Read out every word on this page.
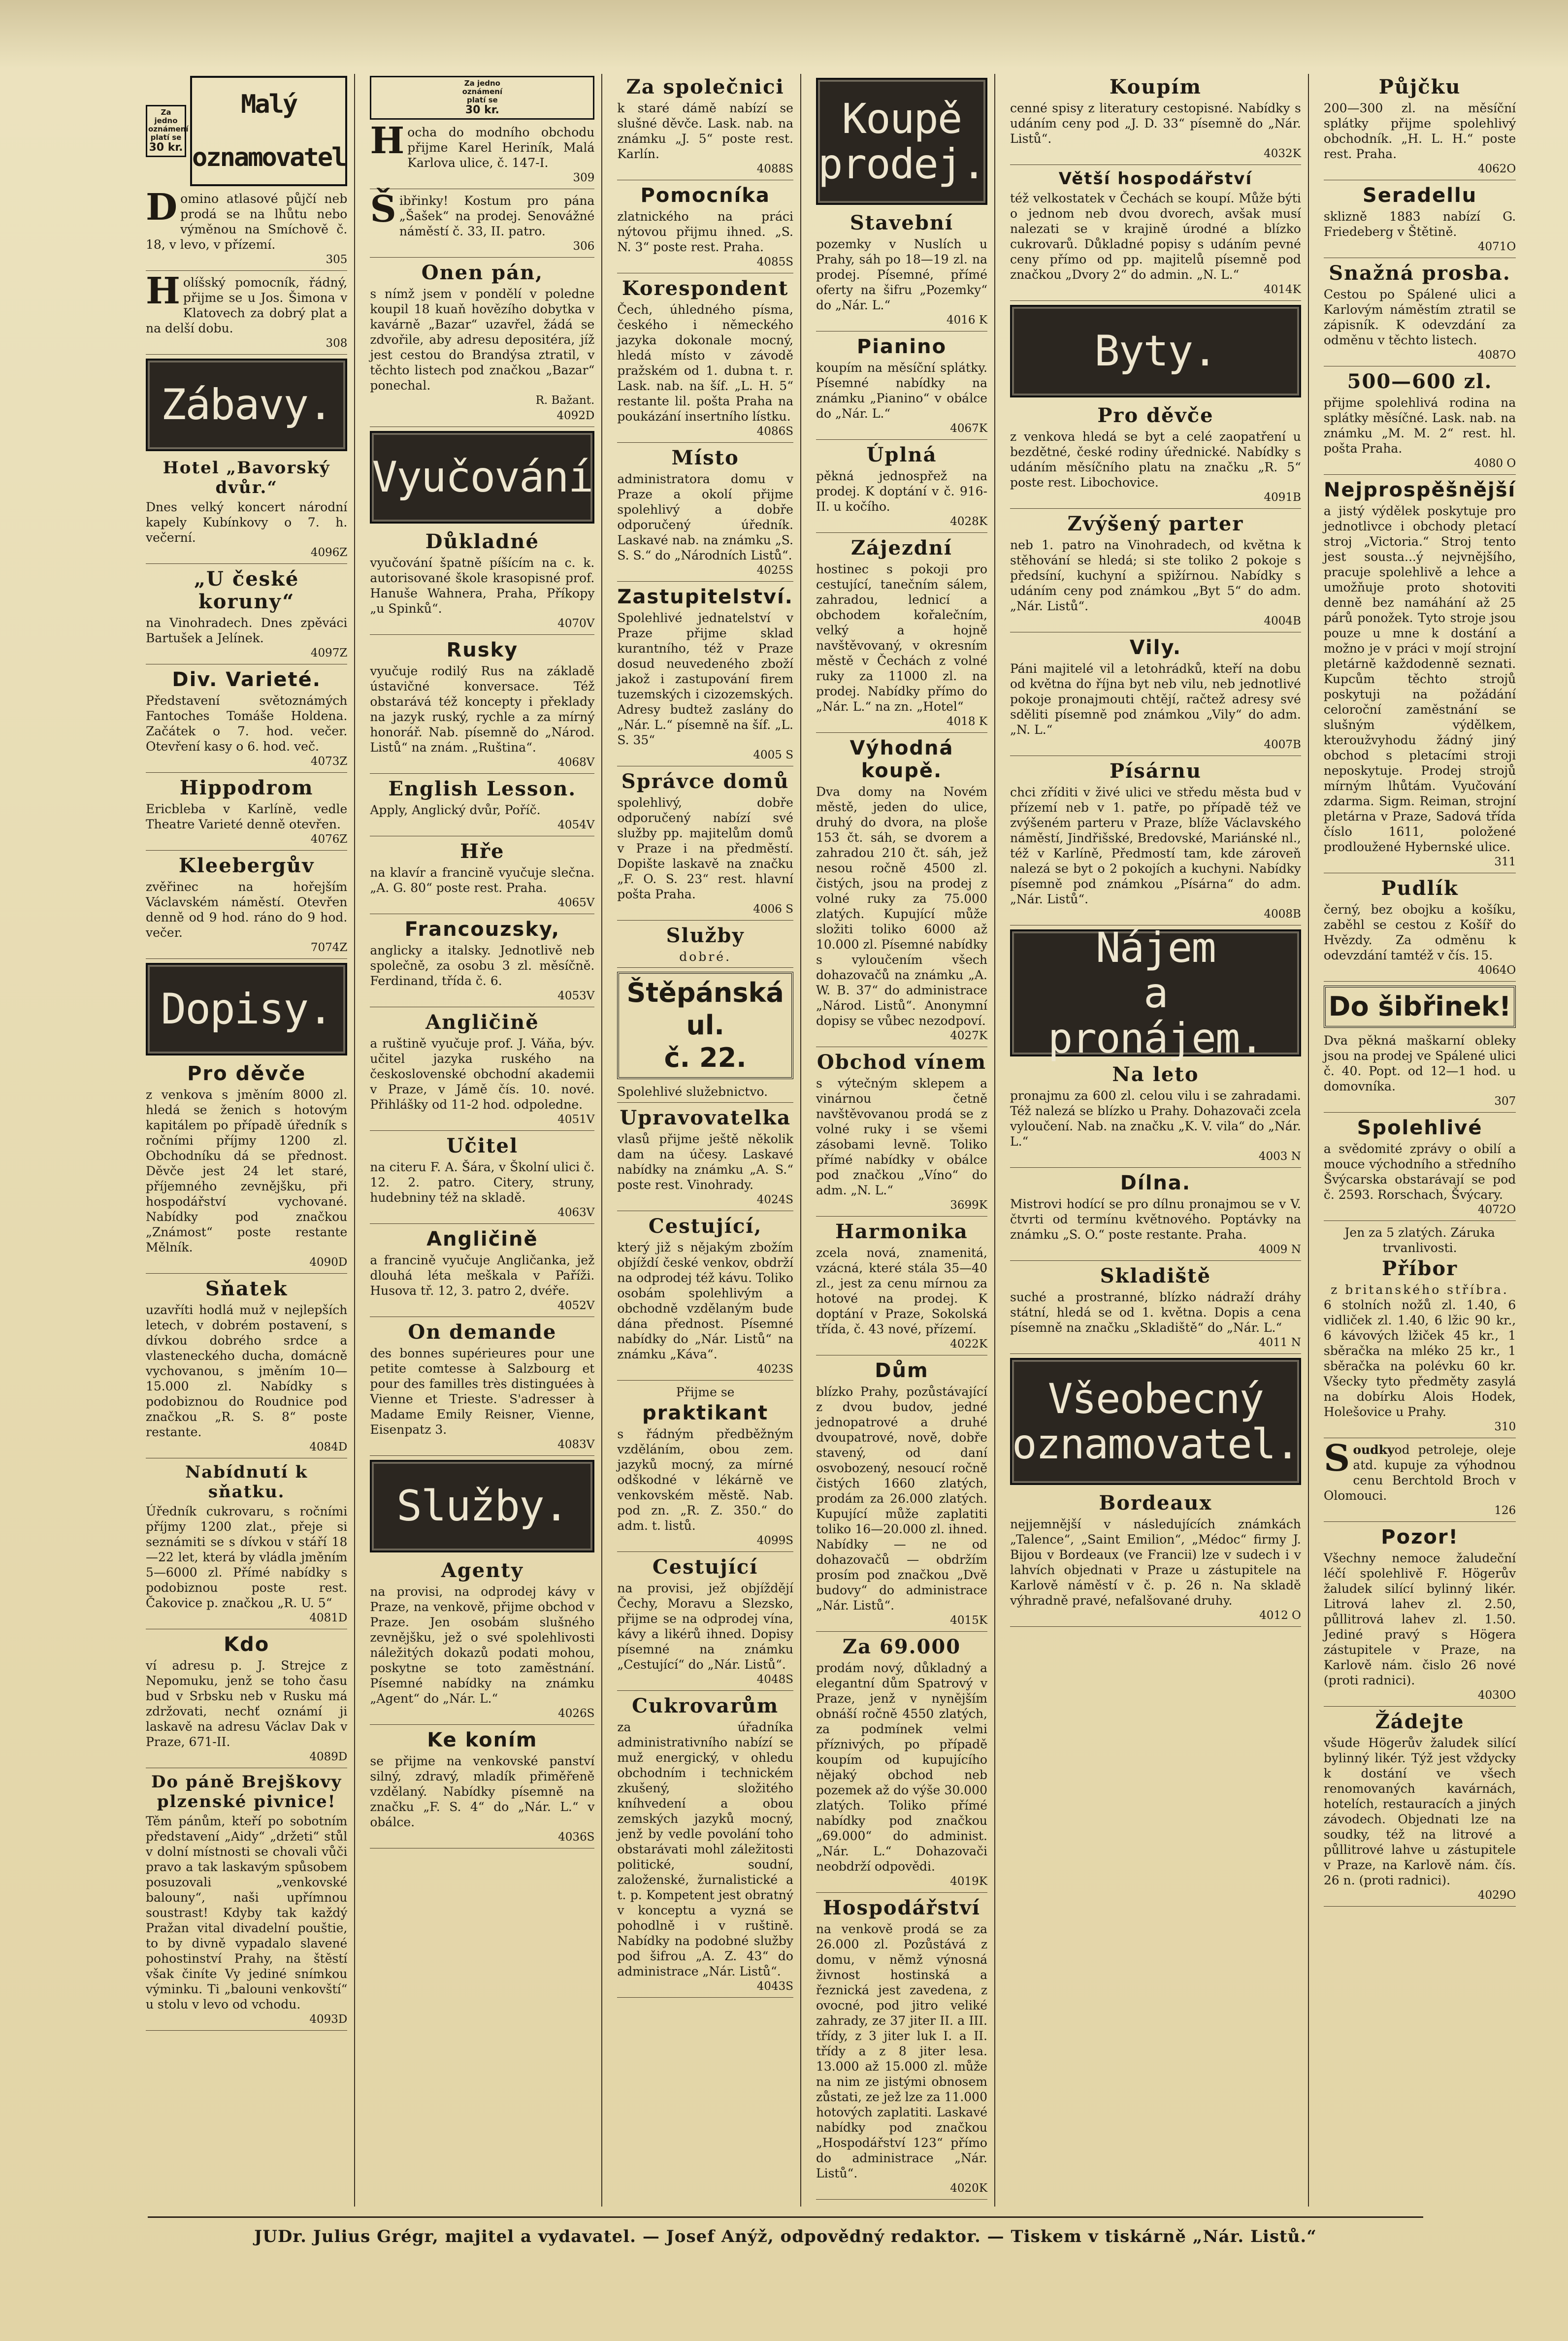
Za jedno
oznámení
platí se
30 kr.
Malý oznamovatel
Domino atlasové půjčí neb prodá se na lhůtu nebo výměnou na Smíchově č. 18, v levo, v přízemí.
305
Holíšský pomocník, řádný, přijme se u Jos. Šimona v Klatovech za dobrý plat a na delší dobu.
308
Zábavy.
Hotel „Bavorský dvůr.“
Dnes velký koncert národní kapely Kubínkovy o 7. h. večerní.
4096Z
„U české koruny“
na Vinohradech. Dnes zpěváci Bartušek a Jelínek.
4097Z
Div. Varieté.
Představení světoznámých Fantoches Tomáše Holdena. Začátek o 7. hod. večer. Otevření kasy o 6. hod. več.
4073Z
Hippodrom
Ericbleba v Karlíně, vedle Theatre Varieté denně otevřen.
4076Z
Kleebergův
zvěřinec na hořejším Václavském náměstí. Otevřen denně od 9 hod. ráno do 9 hod. večer.
7074Z
Dopisy.
Pro děvče
z venkova s jměním 8000 zl. hledá se ženich s hotovým kapitálem po případě úředník s ročními příjmy 1200 zl. Obchodníku dá se přednost. Děvče jest 24 let staré, příjemného zevnějšku, při hospodářství vychované. Nabídky pod značkou „Známost“ poste restante Mělník.
4090D
Sňatek
uzavříti hodlá muž v nejlepších letech, v dobrém postavení, s dívkou dobrého srdce a vlasteneckého ducha, domácně vychovanou, s jměním 10—15.000 zl. Nabídky s podobiznou do Roudnice pod značkou „R. S. 8“ poste restante.
4084D
Nabídnutí k sňatku.
Úředník cukrovaru, s ročními příjmy 1200 zlat., přeje si seznámiti se s dívkou v stáří 18—22 let, která by vládla jměním 5—6000 zl. Přímé nabídky s podobiznou poste rest. Čakovice p. značkou „R. U. 5“
4081D
Kdo
ví adresu p. J. Strejce z Nepomuku, jenž se toho času bud v Srbsku neb v Rusku má zdržovati, nechť oznámí ji laskavě na adresu Václav Dak v Praze, 671-II.
4089D
Do páně Brejškovy plzenské pivnice!
Těm pánům, kteří po sobotním představení „Aidy“ „držeti“ stůl v dolní místnosti se chovali vůči pravo a tak laskavým spůsobem posuzovali „venkovské balouny“, naši upřímnou soustrast! Kdyby tak každý Pražan vital divadelní pouštie, to by divně vypadalo slavené pohostinství Prahy, na štěstí však činíte Vy jediné snímkou výminku. Ti „balouni venkovští“ u stolu v levo od vchodu.
4093D
Za jedno
oznámení
platí se
30 kr.
Hocha do modního obchodu přijme Karel Heriník, Malá Karlova ulice, č. 147-I.
309
Šibřinky! Kostum pro pána „Šašek“ na prodej. Senovážné náměstí č. 33, II. patro.
306
Onen pán,
s nímž jsem v pondělí v poledne koupil 18 kuaň hovězího dobytka v kavárně „Bazar“ uzavřel, žádá se zdvořile, aby adresu depositéra, jíž jest cestou do Brandýsa ztratil, v těchto listech pod značkou „Bazar“ ponechal.
R. Bažant.
4092D
Vyučování
Důkladné
vyučování špatně píšícím na c. k. autorisované škole krasopisné prof. Hanuše Wahnera, Praha, Příkopy „u Spinků“.
4070V
Rusky
vyučuje rodilý Rus na základě ústavičné konversace. Též obstarává též koncepty i překlady na jazyk ruský, rychle a za mírný honorář. Nab. písemně do „Národ. Listů“ na znám. „Ruština“.
4068V
English Lesson.
Apply, Anglický dvůr, Poříč.
4054V
Hře
na klavír a francině vyučuje slečna. „A. G. 80“ poste rest. Praha.
4065V
Francouzsky,
anglicky a italsky. Jednotlivě neb společně, za osobu 3 zl. měsíčně. Ferdinand, třída č. 6.
4053V
Angličině
a ruštině vyučuje prof. J. Váňa, býv. učitel jazyka ruského na československé obchodní akademii v Praze, v Jámě čís. 10. nové. Přihlášky od 11-2 hod. odpoledne.
4051V
Učitel
na citeru F. A. Šára, v Školní ulici č. 12. 2. patro. Citery, struny, hudebniny též na skladě.
4063V
Angličině
a francině vyučuje Angličanka, jež dlouhá léta meškala v Paříži. Husova tř. 12, 3. patro 2, dvéře.
4052V
On demande
des bonnes supérieures pour une petite comtesse à Salzbourg et pour des familles très distinguées à Vienne et Trieste. S'adresser à Madame Emily Reisner, Vienne, Eisenpatz 3.
4083V
Služby.
Agenty
na provisi, na odprodej kávy v Praze, na venkově, přijme obchod v Praze. Jen osobám slušného zevnějšku, jež o své spolehlivosti náležitých dokazů podati mohou, poskytne se toto zaměstnání. Písemné nabídky na známku „Agent“ do „Nár. L.“
4026S
Ke koním
se přijme na venkovské panství silný, zdravý, mladík přiměřeně vzdělaný. Nabídky písemně na značku „F. S. 4“ do „Nár. L.“ v obálce.
4036S
Za společnici
k staré dámě nabízí se slušné děvče. Lask. nab. na známku „J. 5“ poste rest. Karlín.
4088S
Pomocníka
zlatnického na práci nýtovou přijmu ihned. „S. N. 3“ poste rest. Praha.
4085S
Korespondent
Čech, úhledného písma, českého i německého jazyka dokonale mocný, hledá místo v závodě pražském od 1. dubna t. r. Lask. nab. na šíf. „L. H. 5“ restante lil. pošta Praha na poukázání insertního lístku.
4086S
Místo
administratora domu v Praze a okolí přijme spolehlivý a dobře odporučený úředník. Laskavé nab. na známku „S. S. S.“ do „Národních Listů“.
4025S
Zastupitelství.
Spolehlivé jednatelství v Praze přijme sklad kurantního, též v Praze dosud neuvedeného zboží jakož i zastupování firem tuzemských i cizozemských. Adresy budtež zaslány do „Nár. L.“ písemně na šíf. „L. S. 35“
4005 S
Správce domů
spolehlivý, dobře odporučený nabízí své služby pp. majitelům domů v Praze i na předměstí. Dopište laskavě na značku „F. O. S. 23“ rest. hlavní pošta Praha.
4006 S
Služby
dobré.
Štěpánská ul.
č. 22.
Spolehlivé služebnictvo.
Upravovatelka
vlasů přijme ještě několik dam na účesy. Laskavé nabídky na známku „A. S.“ poste rest. Vinohrady.
4024S
Cestující,
který již s nějakým zbožím objíždí české venkov, obdrží na odprodej též kávu. Toliko osobám spolehlivým a obchodně vzdělaným bude dána přednost. Písemné nabídky do „Nár. Listů“ na známku „Káva“.
4023S
Přijme se
praktikant
s řádným předběžným vzděláním, obou zem. jazyků mocný, za mírné odškodné v lékárně ve venkovském městě. Nab. pod zn. „R. Z. 350.“ do adm. t. listů.
4099S
Cestující
na provisi, jež objíždějí Čechy, Moravu a Slezsko, přijme se na odprodej vína, kávy a likérů ihned. Dopisy písemné na známku „Cestující“ do „Nár. Listů“.
4048S
Cukrovarům
za úřadníka administrativního nabízí se muž energický, v ohledu obchodním i technickém zkušený, složitého kníhvedení a obou zemských jazyků mocný, jenž by vedle povolání toho obstarávati mohl záležitosti politické, soudní, založenské, žurnalistické a t. p. Kompetent jest obratný v konceptu a vyzná se pohodlně i v ruštině. Nabídky na podobné služby pod šifrou „A. Z. 43“ do administrace „Nár. Listů“.
4043S
Koupě
prodej.
Stavební
pozemky v Nuslích u Prahy, sáh po 18—19 zl. na prodej. Písemné, přímé oferty na šifru „Pozemky“ do „Nár. L.“
4016 K
Pianino
koupím na měsíční splátky. Písemné nabídky na známku „Pianino“ v obálce do „Nár. L.“
4067K
Úplná
pěkná jednospřež na prodej. K doptání v č. 916-II. u kočího.
4028K
Zájezdní
hostinec s pokoji pro cestující, tanečním sálem, zahradou, lednicí a obchodem kořalečním, velký a hojně navštěvovaný, v okresním městě v Čechách z volné ruky za 11000 zl. na prodej. Nabídky přímo do „Nár. L.“ na zn. „Hotel“
4018 K
Výhodná koupě.
Dva domy na Novém městě, jeden do ulice, druhý do dvora, na ploše 153 čt. sáh, se dvorem a zahradou 210 čt. sáh, jež nesou ročně 4500 zl. čistých, jsou na prodej z volné ruky za 75.000 zlatých. Kupující může složiti toliko 6000 až 10.000 zl. Písemné nabídky s vyloučením všech dohazovačů na známku „A. W. B. 37“ do administrace „Národ. Listů“. Anonymní dopisy se vůbec nezodpoví.
4027K
Obchod vínem
s výtečným sklepem a vinárnou četně navštěvovanou prodá se z volné ruky i se všemi zásobami levně. Toliko přímé nabídky v obálce pod značkou „Víno“ do adm. „N. L.“
3699K
Harmonika
zcela nová, znamenitá, vzácná, které stála 35—40 zl., jest za cenu mírnou za hotové na prodej. K doptání v Praze, Sokolská třída, č. 43 nové, přízemí.
4022K
Dům
blízko Prahy, pozůstávající z dvou budov, jedné jednopatrové a druhé dvoupatrové, nově, dobře stavený, od daní osvobozený, nesoucí ročně čistých 1660 zlatých, prodám za 26.000 zlatých. Kupující může zaplatiti toliko 16—20.000 zl. ihned. Nabídky — ne od dohazovačů — obdržím prosím pod značkou „Dvě budovy“ do administrace „Nár. Listů“.
4015K
Za 69.000
prodám nový, důkladný a elegantní dům Spatrový v Praze, jenž v nynějším obnáší ročně 4550 zlatých, za podmínek velmi příznivých, po případě koupím od kupujícího nějaký obchod neb pozemek až do výše 30.000 zlatých. Toliko přímé nabídky pod značkou „69.000“ do administ. „Nár. L.“ Dohazovači neobdrží odpovědi.
4019K
Hospodářství
na venkově prodá se za 26.000 zl. Pozůstává z domu, v němž výnosná živnost hostinská a řeznická jest zavedena, z ovocné, pod jitro veliké zahrady, ze 37 jiter II. a III. třídy, z 3 jiter luk I. a II. třídy a z 8 jiter lesa. 13.000 až 15.000 zl. může na nim ze jistými obnosem zůstati, ze jež lze za 11.000 hotových zaplatiti. Laskavé nabídky pod značkou „Hospodářství 123“ přímo do administrace „Nár. Listů“.
4020K
Koupím
cenné spisy z literatury cestopisné. Nabídky s udáním ceny pod „J. D. 33“ písemně do „Nár. Listů“.
4032K
Větší hospodářství
též velkostatek v Čechách se koupí. Může býti o jednom neb dvou dvorech, avšak musí nalezati se v krajině úrodné a blízko cukrovarů. Důkladné popisy s udáním pevné ceny přímo od pp. majitelů písemně pod značkou „Dvory 2“ do admin. „N. L.“
4014K
Byty.
Pro děvče
z venkova hledá se byt a celé zaopatření u bezdětné, české rodiny úřednické. Nabídky s udáním měsíčního platu na značku „R. 5“ poste rest. Libochovice.
4091B
Zvýšený parter
neb 1. patro na Vinohradech, od května k stěhování se hledá; si ste toliko 2 pokoje s předsíní, kuchyní a spižírnou. Nabídky s udáním ceny pod známkou „Byt 5“ do adm. „Nár. Listů“.
4004B
Vily.
Páni majitelé vil a letohrádků, kteří na dobu od května do října byt neb vilu, neb jednotlivé pokoje pronajmouti chtějí, račtež adresy své sděliti písemně pod známkou „Vily“ do adm. „N. L.“
4007B
Písárnu
chci zříditi v živé ulici ve středu města bud v přízemí neb v 1. patře, po případě též ve zvýšeném parteru v Praze, blíže Václavského náměstí, Jindřišské, Bredovské, Mariánské nl., též v Karlíně, Předmostí tam, kde zároveň nalezá se byt o 2 pokojích a kuchyni. Nabídky písemně pod známkou „Písárna“ do adm. „Nár. Listů“.
4008B
Nájem
a
pronájem.
Na leto
pronajmu za 600 zl. celou vilu i se zahradami. Též nalezá se blízko u Prahy. Dohazovači zcela vyloučení. Nab. na značku „K. V. vila“ do „Nár. L.“
4003 N
Dílna.
Mistrovi hodící se pro dílnu pronajmou se v V. čtvrti od termínu květnového. Poptávky na známku „S. O.“ poste restante. Praha.
4009 N
Skladiště
suché a prostranné, blízko nádraží dráhy státní, hledá se od 1. května. Dopis a cena písemně na značku „Skladiště“ do „Nár. L.“
4011 N
Všeobecný
oznamovatel.
Bordeaux
nejjemnější v následujících známkách „Talence“, „Saint Emilion“, „Médoc“ firmy J. Bijou v Bordeaux (ve Francii) lze v sudech i v lahvích objednati v Praze u zástupitele na Karlově náměstí v č. p. 26 n. Na skladě výhradně pravé, nefalšované druhy.
4012 O
Půjčku
200—300 zl. na měsíční splátky přijme spolehlivý obchodník. „H. L. H.“ poste rest. Praha.
4062O
Seradellu
sklizně 1883 nabízí G. Friedeberg v Štětině.
4071O
Snažná prosba.
Cestou po Spálené ulici a Karlovým náměstím ztratil se zápisník. K odevzdání za odměnu v těchto listech.
4087O
500—600 zl.
přijme spolehlivá rodina na splátky měsíčné. Lask. nab. na známku „M. M. 2“ rest. hl. pošta Praha.
4080 O
Nejprospěšnější
a jistý výdělek poskytuje pro jednotlivce i obchody pletací stroj „Victoria.“ Stroj tento jest sousta...ý nejvnějšího, pracuje spolehlivě a lehce a umožňuje proto shotoviti denně bez namáhání až 25 párů ponožek. Tyto stroje jsou pouze u mne k dostání a možno je v práci v mojí strojní pletárně každodenně seznati. Kupcům těchto strojů poskytuji na požádání celoroční zaměstnání se slušným výdělkem, kteroužvyhodu žádný jiný obchod s pletacími stroji neposkytuje. Prodej strojů mírným lhůtám. Vyučování zdarma. Sigm. Reiman, strojní pletárna v Praze, Sadová třída číslo 1611, položené prodloužené Hybernské ulice.
311
Pudlík
černý, bez obojku a košíku, zaběhl se cestou z Košíř do Hvězdy. Za odměnu k odevzdání tamtéž v čís. 15.
4064O
Do šibřinek!
Dva pěkná maškarní obleky jsou na prodej ve Spálené ulici č. 40. Popt. od 12—1 hod. u domovníka.
307
Spolehlivé
a svědomité zprávy o obilí a mouce východního a středního Švýcarska obstarávají se pod č. 2593. Rorschach, Švýcary.
4072O
Jen za 5 zlatých. Záruka trvanlivosti.
Příbor
z britanského stříbra.
6 stolních nožů zl. 1.40, 6 vidliček zl. 1.40, 6 lžic 90 kr., 6 kávových lžiček 45 kr., 1 sběračka na mléko 25 kr., 1 sběračka na polévku 60 kr. Všecky tyto předměty zasylá na dobírku Alois Hodek, Holešovice u Prahy.
310
Soudkyod petroleje, oleje atd. kupuje za výhodnou cenu Berchtold Broch v Olomouci.
126
Pozor!
Všechny nemoce žaludeční léčí spolehlivě F. Högerův žaludek silící bylinný likér. Litrová lahev zl. 2.50, půllitrová lahev zl. 1.50. Jediné pravý s Högera zástupitele v Praze, na Karlově nám. čislo 26 nové (proti radnici).
4030O
Žádejte
všude Högerův žaludek silící bylinný likér. Týž jest vždycky k dostání ve všech renomovaných kavárnách, hotelích, restauracích a jiných závodech. Objednati lze na soudky, též na litrové a půllitrové lahve u zástupitele v Praze, na Karlově nám. čís. 26 n. (proti radnici).
4029O
JUDr. Julius Grégr, majitel a vydavatel. — Josef Anýž, odpovědný redaktor. — Tiskem v tiskárně „Nár. Listů.“
